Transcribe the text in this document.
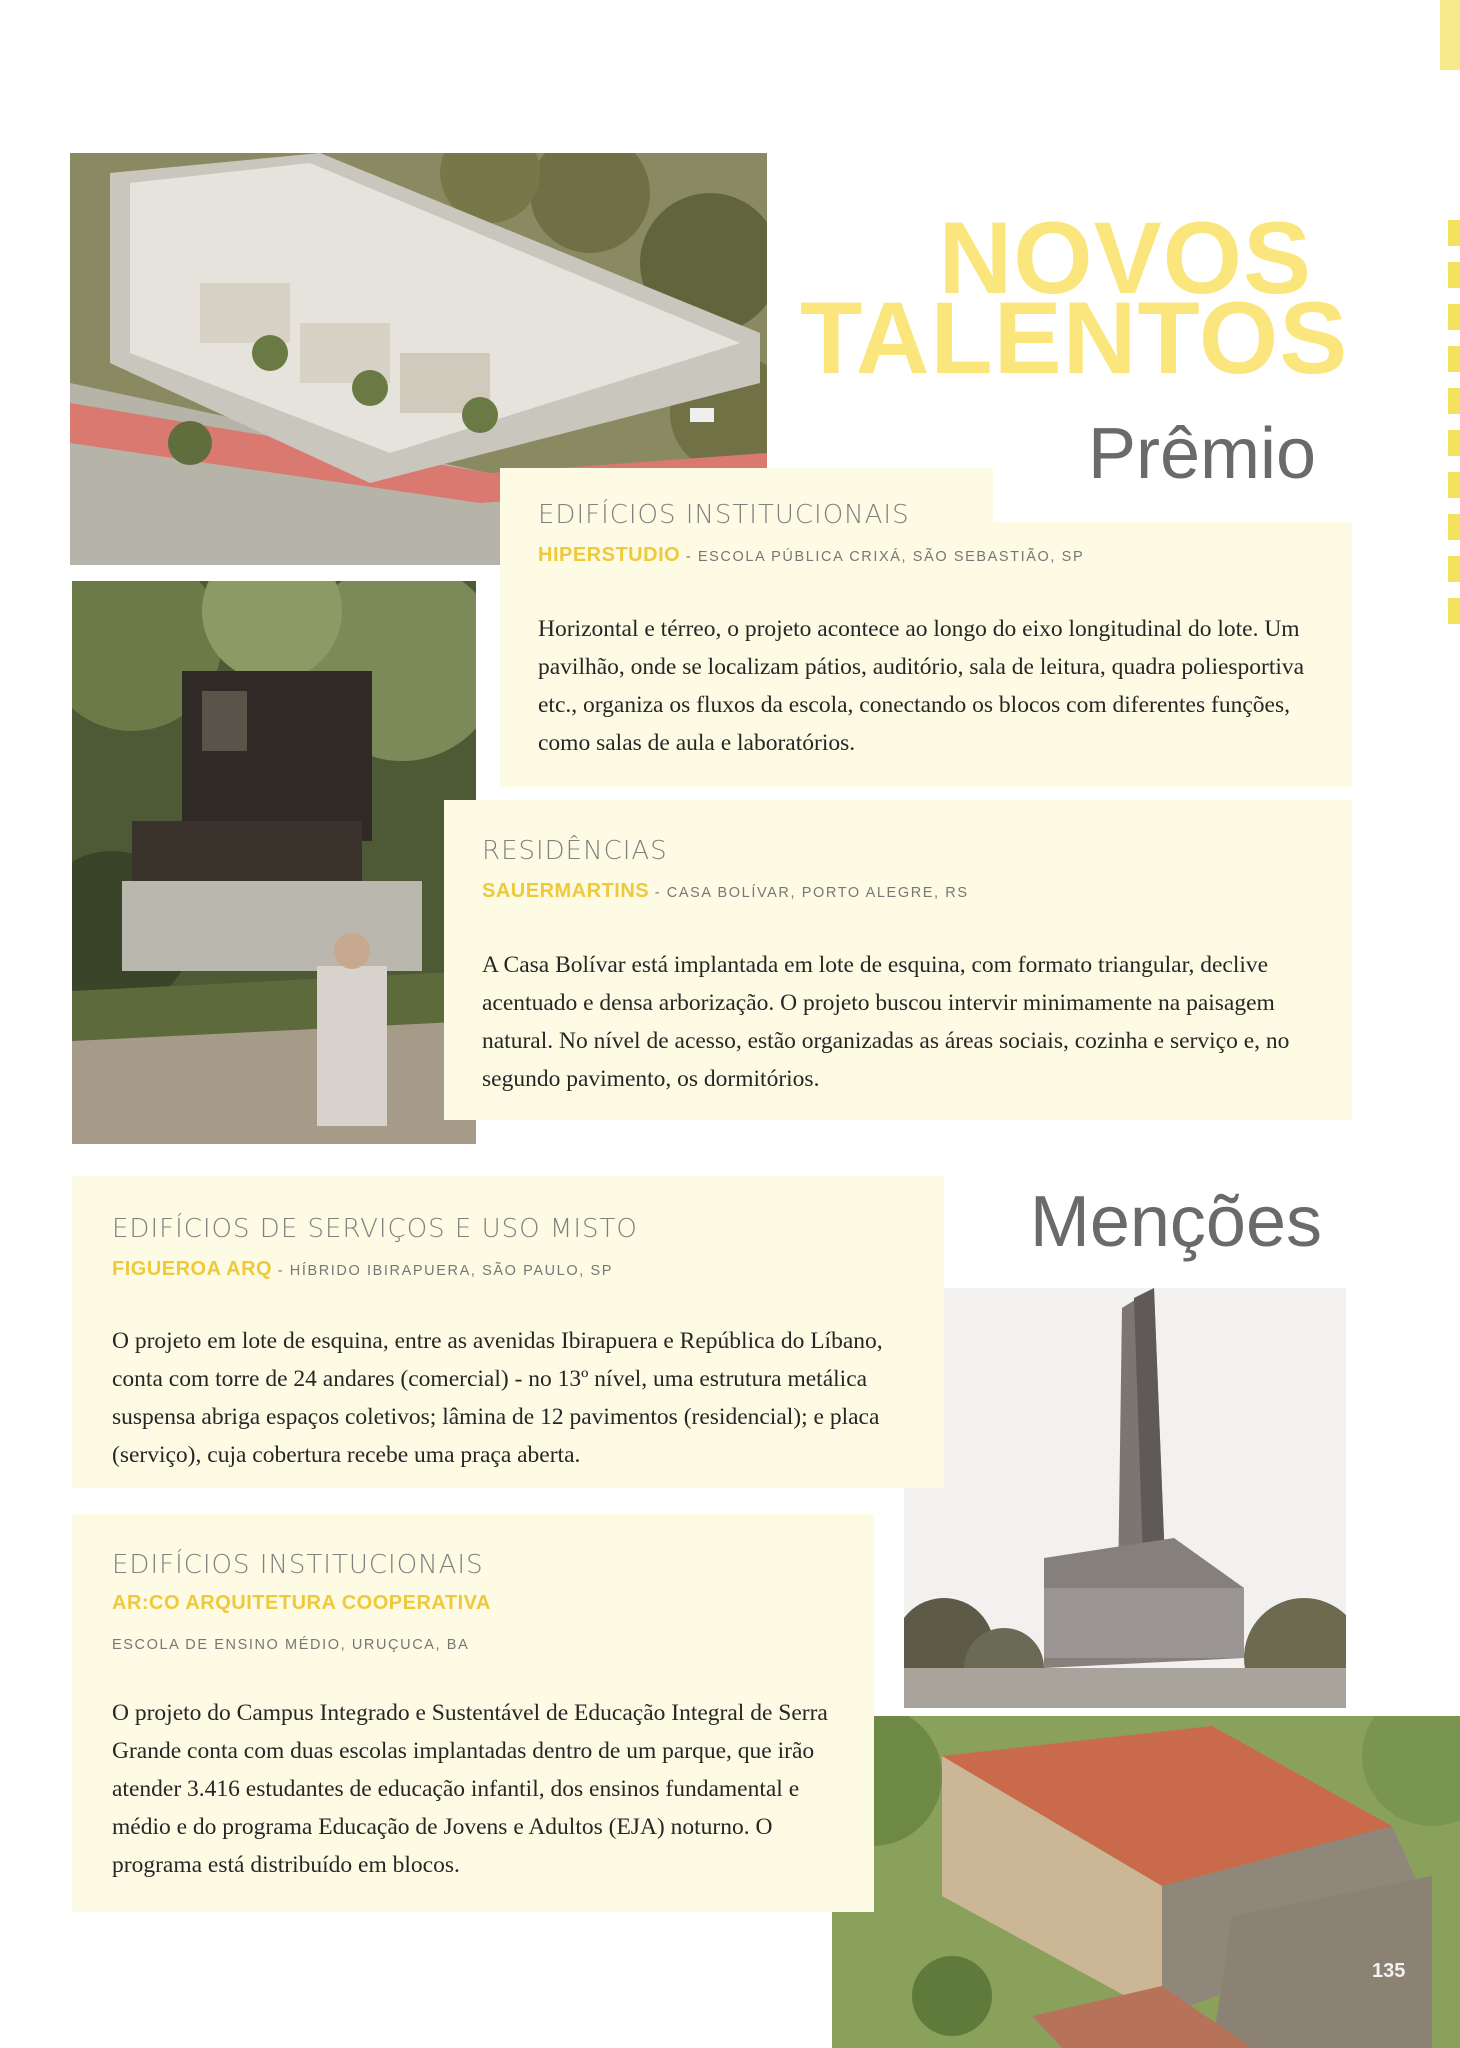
NOVOS
TALENTOS
Prêmio
EDIFÍCIOS INSTITUCIONAIS
HIPERSTUDIO - ESCOLA PÚBLICA CRIXÁ, SÃO SEBASTIÃO, SP
Horizontal e térreo, o projeto acontece ao longo do eixo longitudinal do lote. Um pavilhão, onde se localizam pátios, auditório, sala de leitura, quadra poliesportiva etc., organiza os fluxos da escola, conectando os blocos com diferentes funções, como salas de aula e laboratórios.
RESIDÊNCIAS
SAUERMARTINS - CASA BOLÍVAR, PORTO ALEGRE, RS
A Casa Bolívar está implantada em lote de esquina, com formato triangular, declive acentuado e densa arborização. O projeto buscou intervir minimamente na paisagem natural. No nível de acesso, estão organizadas as áreas sociais, cozinha e serviço e, no segundo pavimento, os dormitórios.
Menções
EDIFÍCIOS DE SERVIÇOS E USO MISTO
FIGUEROA ARQ - HÍBRIDO IBIRAPUERA, SÃO PAULO, SP
O projeto em lote de esquina, entre as avenidas Ibirapuera e República do Líbano, conta com torre de 24 andares (comercial) - no 13º nível, uma estrutura metálica suspensa abriga espaços coletivos; lâmina de 12 pavimentos (residencial); e placa (serviço), cuja cobertura recebe uma praça aberta.
EDIFÍCIOS INSTITUCIONAIS
AR:CO ARQUITETURA COOPERATIVA
ESCOLA DE ENSINO MÉDIO, URUÇUCA, BA
O projeto do Campus Integrado e Sustentável de Educação Integral de Serra Grande conta com duas escolas implantadas dentro de um parque, que irão atender 3.416 estudantes de educação infantil, dos ensinos fundamental e médio e do programa Educação de Jovens e Adultos (EJA) noturno. O programa está distribuído em blocos.
135
